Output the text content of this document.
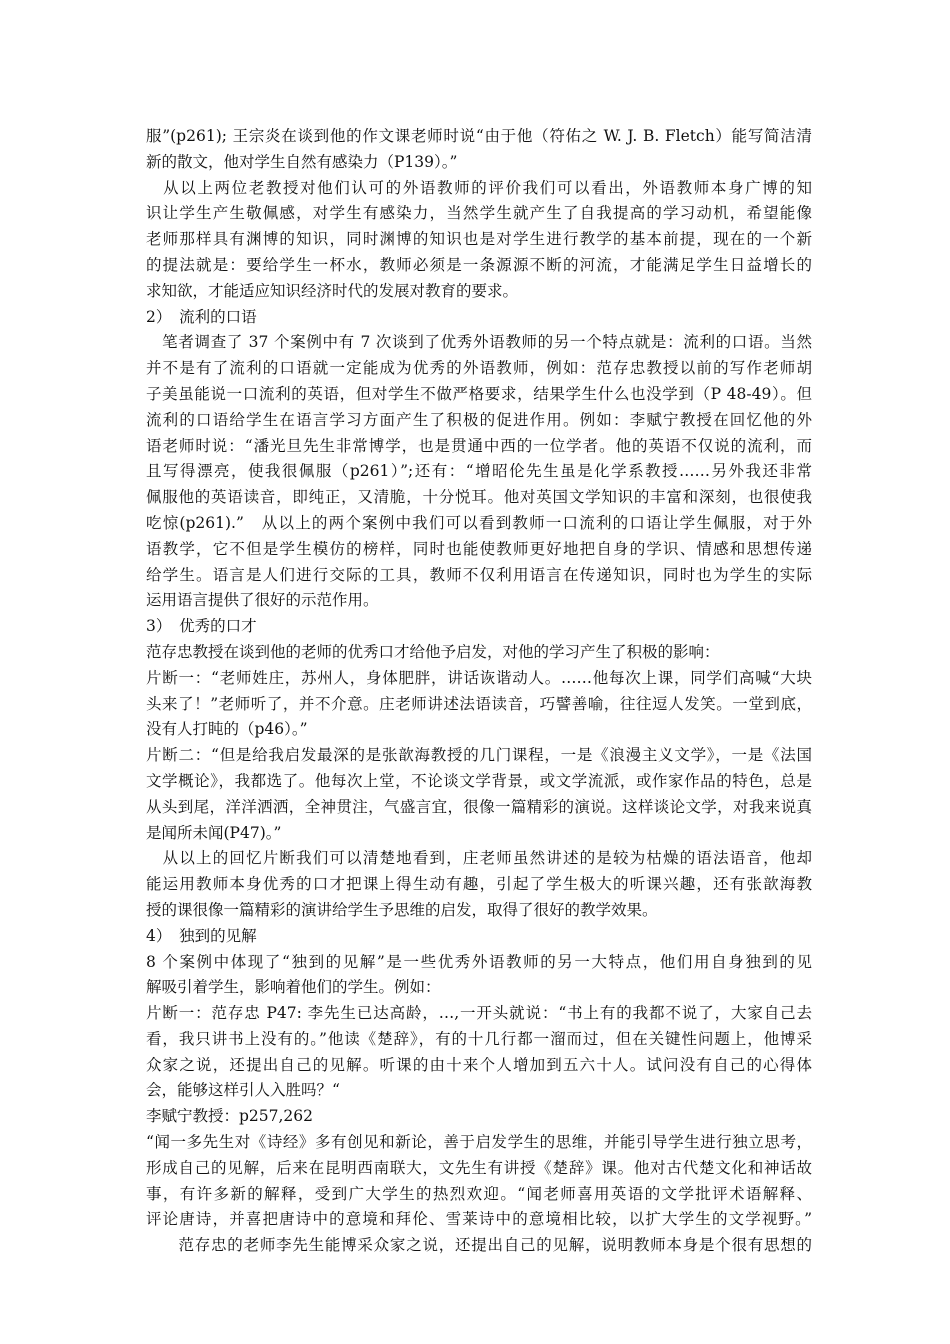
服”(p261); 王宗炎在谈到他的作文课老师时说“由于他（符佑之 W. J. B. Fletch）能写简洁清
新的散文，他对学生自然有感染力（P139）。”
　从以上两位老教授对他们认可的外语教师的评价我们可以看出，外语教师本身广博的知
识让学生产生敬佩感，对学生有感染力，当然学生就产生了自我提高的学习动机，希望能像
老师那样具有渊博的知识，同时渊博的知识也是对学生进行教学的基本前提，现在的一个新
的提法就是：要给学生一杯水，教师必须是一条源源不断的河流，才能满足学生日益增长的
求知欲，才能适应知识经济时代的发展对教育的要求。
2）　流利的口语
　笔者调查了 37 个案例中有 7 次谈到了优秀外语教师的另一个特点就是：流利的口语。当然
并不是有了流利的口语就一定能成为优秀的外语教师，例如：范存忠教授以前的写作老师胡
子美虽能说一口流利的英语，但对学生不做严格要求，结果学生什么也没学到（P 48-49）。但
流利的口语给学生在语言学习方面产生了积极的促进作用。例如：李赋宁教授在回忆他的外
语老师时说：“潘光旦先生非常博学，也是贯通中西的一位学者。他的英语不仅说的流利，而
且写得漂亮，使我很佩服（p261）”;还有：“增昭伦先生虽是化学系教授……另外我还非常
佩服他的英语读音，即纯正，又清脆，十分悦耳。他对英国文学知识的丰富和深刻，也很使我
吃惊(p261).”　从以上的两个案例中我们可以看到教师一口流利的口语让学生佩服，对于外
语教学，它不但是学生模仿的榜样，同时也能使教师更好地把自身的学识、情感和思想传递
给学生。语言是人们进行交际的工具，教师不仅利用语言在传递知识，同时也为学生的实际
运用语言提供了很好的示范作用。
3）　优秀的口才
范存忠教授在谈到他的老师的优秀口才给他予启发，对他的学习产生了积极的影响：
片断一：“老师姓庄，苏州人，身体肥胖，讲话诙谐动人。……他每次上课，同学们高喊“大块
头来了！”老师听了，并不介意。庄老师讲述法语读音，巧譬善喻，往往逗人发笑。一堂到底，
没有人打盹的（p46）。”
片断二：“但是给我启发最深的是张歆海教授的几门课程，一是《浪漫主义文学》，一是《法国
文学概论》，我都选了。他每次上堂，不论谈文学背景，或文学流派，或作家作品的特色，总是
从头到尾，洋洋洒洒，全神贯注，气盛言宜，很像一篇精彩的演说。这样谈论文学，对我来说真
是闻所未闻(P47)。”
　从以上的回忆片断我们可以清楚地看到，庄老师虽然讲述的是较为枯燥的语法语音，他却
能运用教师本身优秀的口才把课上得生动有趣，引起了学生极大的听课兴趣，还有张歆海教
授的课很像一篇精彩的演讲给学生予思维的启发，取得了很好的教学效果。
4）　独到的见解
8 个案例中体现了“独到的见解”是一些优秀外语教师的另一大特点，他们用自身独到的见
解吸引着学生，影响着他们的学生。例如：
片断一：范存忠 P47: 李先生已达高龄，…,一开头就说：“书上有的我都不说了，大家自己去
看，我只讲书上没有的。”他读《楚辞》，有的十几行都一溜而过，但在关键性问题上，他博采
众家之说，还提出自己的见解。听课的由十来个人增加到五六十人。试问没有自己的心得体
会，能够这样引人入胜吗？“
李赋宁教授：p257,262
“闻一多先生对《诗经》多有创见和新论，善于启发学生的思维，并能引导学生进行独立思考，
形成自己的见解，后来在昆明西南联大，文先生有讲授《楚辞》课。他对古代楚文化和神话故
事，有许多新的解释，受到广大学生的热烈欢迎。“闻老师喜用英语的文学批评术语解释、
评论唐诗，并喜把唐诗中的意境和拜伦、雪莱诗中的意境相比较，以扩大学生的文学视野。”
　　范存忠的老师李先生能博采众家之说，还提出自己的见解，说明教师本身是个很有思想的
